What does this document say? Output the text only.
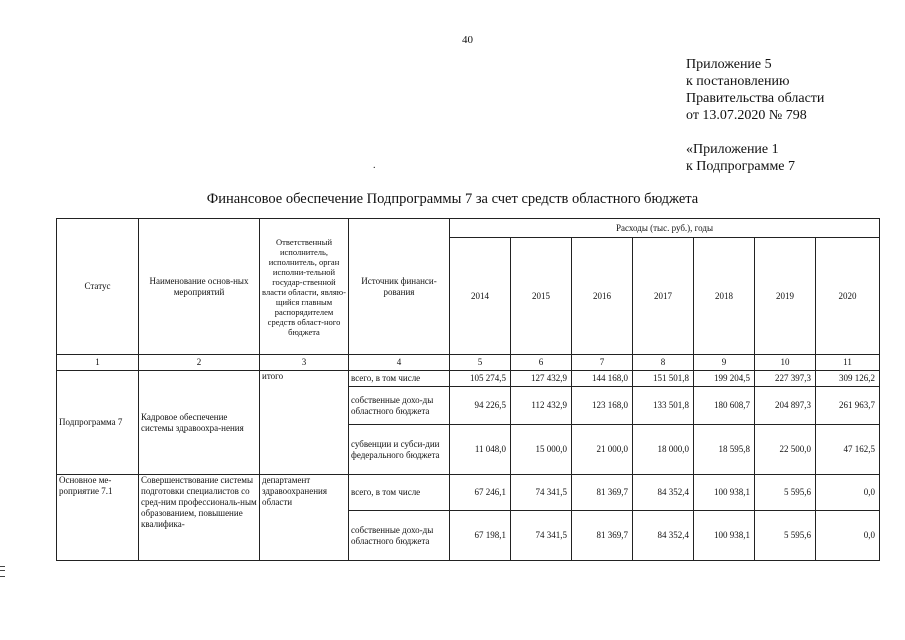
40
Приложение 5
к постановлению
Правительства области
от 13.07.2020 № 798
«Приложение 1
к Подпрограмме 7
.
Финансовое обеспечение Подпрограммы 7 за счет средств областного бюджета
Статус	Наименование основ-ных мероприятий	Ответственный исполнитель, исполнитель, орган исполни-тельной государ-ственной власти области, являю-щийся главным распорядителем средств област-ного бюджета	Источник финанси-рования	Расходы (тыс. руб.), годы						
				2014	2015	2016	2017	2018	2019	2020
1	2	3	4	5	6	7	8	9	10	11
Подпрограмма 7	Кадровое обеспечение системы здравоохра-нения	итого	всего, в том числе	105 274,5	127 432,9	144 168,0	151 501,8	199 204,5	227 397,3	309 126,2
			собственные дохо-ды областного бюджета	94 226,5	112 432,9	123 168,0	133 501,8	180 608,7	204 897,3	261 963,7
			субвенции и субси-дии федерального бюджета	11 048,0	15 000,0	21 000,0	18 000,0	18 595,8	22 500,0	47 162,5
Основное ме-роприятие 7.1	Совершенствование системы подготовки специалистов со сред-ним профессиональ-ным образованием, повышение квалифика-	департамент здравоохранения области	всего, в том числе	67 246,1	74 341,5	81 369,7	84 352,4	100 938,1	5 595,6	0,0
			собственные дохо-ды областного бюджета	67 198,1	74 341,5	81 369,7	84 352,4	100 938,1	5 595,6	0,0
